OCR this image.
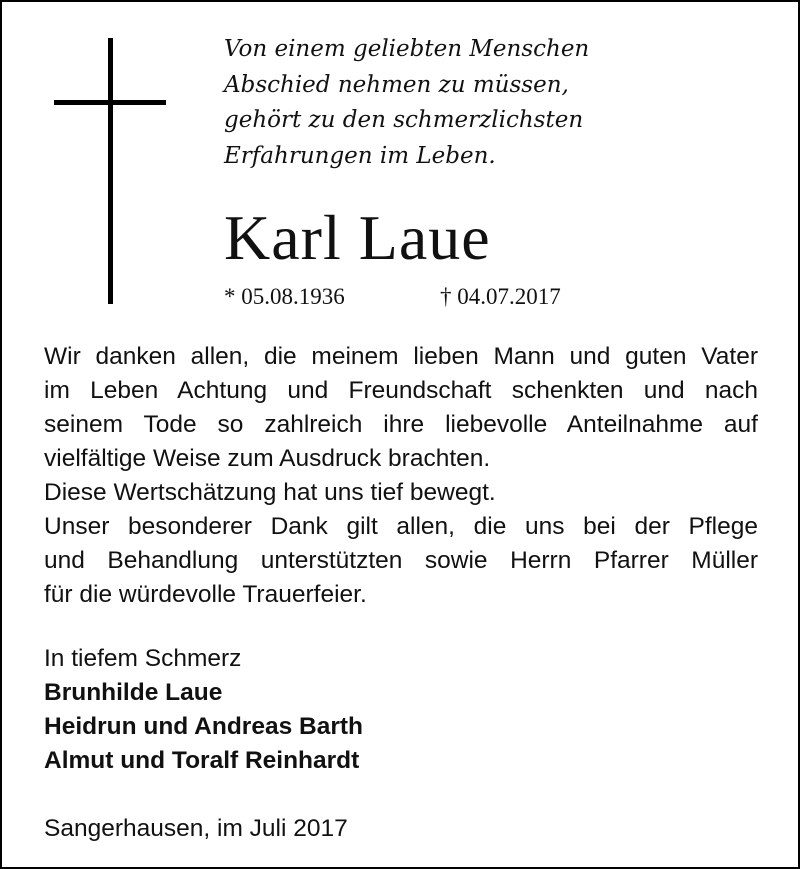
Von einem geliebten Menschen
Abschied nehmen zu müssen,
gehört zu den schmerzlichsten
Erfahrungen im Leben.
Karl Laue
* 05.08.1936	† 04.07.2017
Wir danken allen, die meinem lieben Mann und guten Vater
im Leben Achtung und Freundschaft schenkten und nach
seinem Tode so zahlreich ihre liebevolle Anteilnahme auf
vielfältige Weise zum Ausdruck brachten.
Diese Wertschätzung hat uns tief bewegt.
Unser besonderer Dank gilt allen, die uns bei der Pflege
und Behandlung unterstützten sowie Herrn Pfarrer Müller
für die würdevolle Trauerfeier.
In tiefem Schmerz
Brunhilde Laue
Heidrun und Andreas Barth
Almut und Toralf Reinhardt
Sangerhausen, im Juli 2017
